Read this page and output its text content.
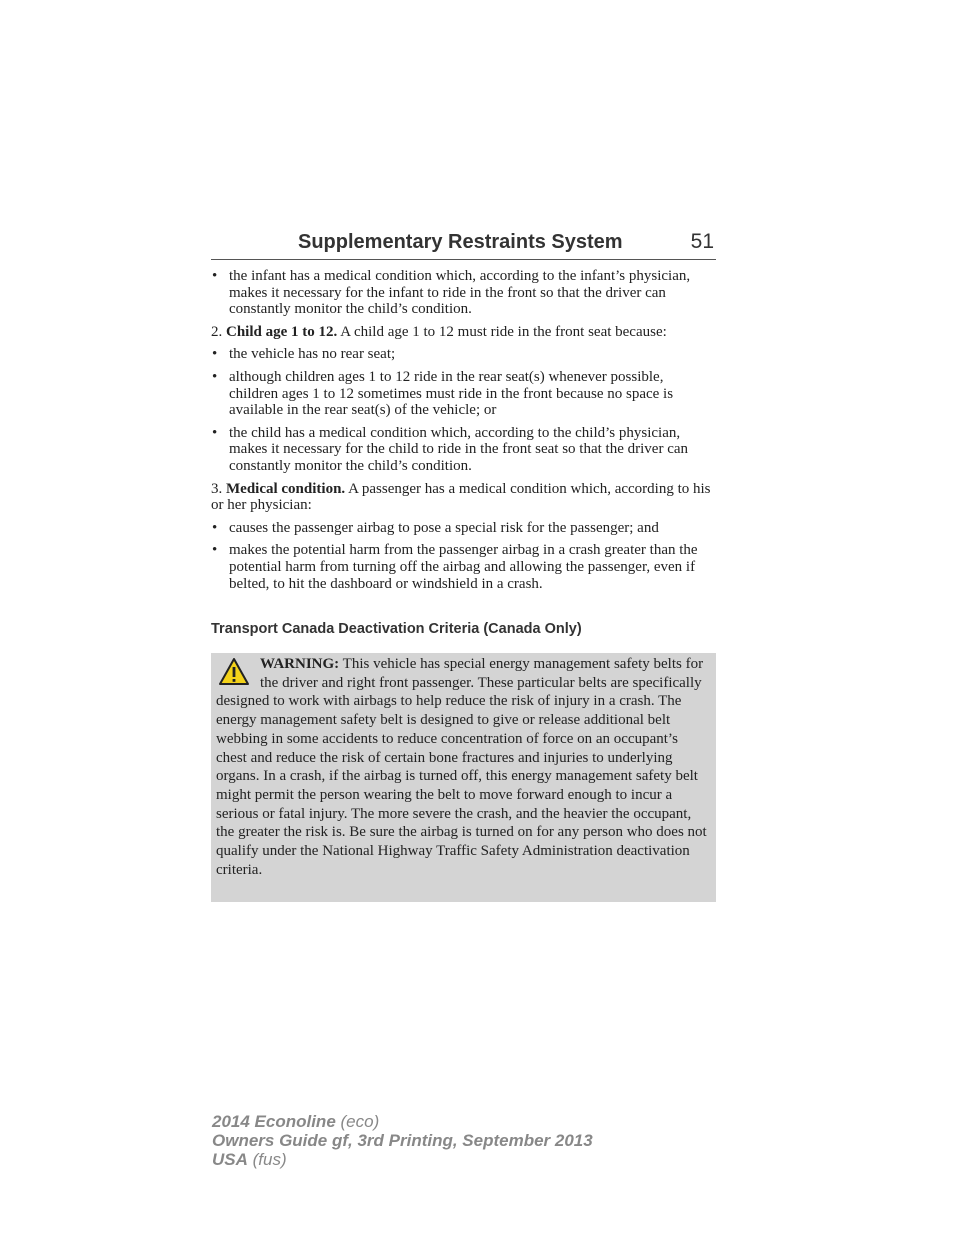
Supplementary Restraints System	51
• the infant has a medical condition which, according to the infant’s physician, makes it necessary for the infant to ride in the front so that the driver can constantly monitor the child’s condition.

2. Child age 1 to 12. A child age 1 to 12 must ride in the front seat because:

• the vehicle has no rear seat;
• although children ages 1 to 12 ride in the rear seat(s) whenever possible, children ages 1 to 12 sometimes must ride in the front because no space is available in the rear seat(s) of the vehicle; or
• the child has a medical condition which, according to the child’s physician, makes it necessary for the child to ride in the front seat so that the driver can constantly monitor the child’s condition.

3. Medical condition. A passenger has a medical condition which, according to his or her physician:

• causes the passenger airbag to pose a special risk for the passenger; and
• makes the potential harm from the passenger airbag in a crash greater than the potential harm from turning off the airbag and allowing the passenger, even if belted, to hit the dashboard or windshield in a crash.
Transport Canada Deactivation Criteria (Canada Only)
WARNING: This vehicle has special energy management safety belts for the driver and right front passenger. These particular belts are specifically designed to work with airbags to help reduce the risk of injury in a crash. The energy management safety belt is designed to give or release additional belt webbing in some accidents to reduce concentration of force on an occupant’s chest and reduce the risk of certain bone fractures and injuries to underlying organs. In a crash, if the airbag is turned off, this energy management safety belt might permit the person wearing the belt to move forward enough to incur a serious or fatal injury. The more severe the crash, and the heavier the occupant, the greater the risk is. Be sure the airbag is turned on for any person who does not qualify under the National Highway Traffic Safety Administration deactivation criteria.
2014 Econoline (eco)
Owners Guide gf, 3rd Printing, September 2013
USA (fus)
